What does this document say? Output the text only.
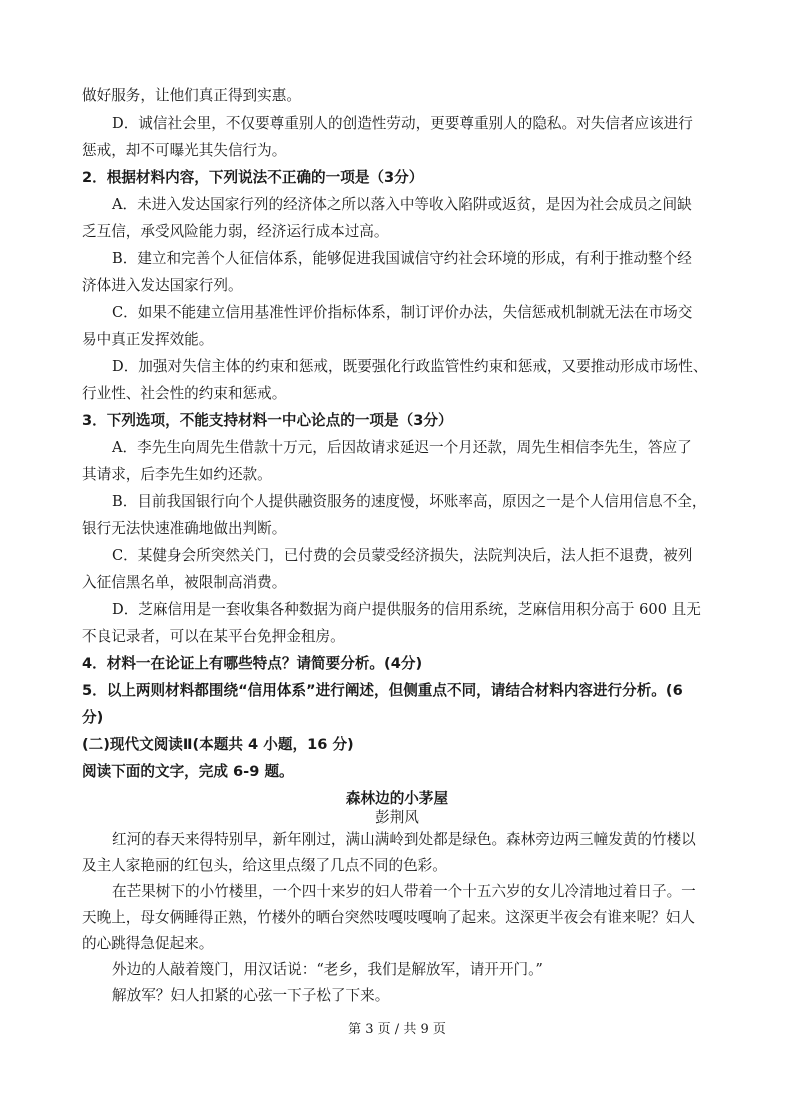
做好服务，让他们真正得到实惠。
D．诚信社会里，不仅要尊重别人的创造性劳动，更要尊重别人的隐私。对失信者应该进行
惩戒，却不可曝光其失信行为。
2．根据材料内容，下列说法不正确的一项是（3分）
A．未进入发达国家行列的经济体之所以落入中等收入陷阱或返贫，是因为社会成员之间缺
乏互信，承受风险能力弱，经济运行成本过高。
B．建立和完善个人征信体系，能够促进我国诚信守约社会环境的形成，有利于推动整个经
济体进入发达国家行列。
C．如果不能建立信用基准性评价指标体系，制订评价办法，失信惩戒机制就无法在市场交
易中真正发挥效能。
D．加强对失信主体的约束和惩戒，既要强化行政监管性约束和惩戒，又要推动形成市场性、
行业性、社会性的约束和惩戒。
3．下列选项，不能支持材料一中心论点的一项是（3分）
A．李先生向周先生借款十万元，后因故请求延迟一个月还款，周先生相信李先生，答应了
其请求，后李先生如约还款。
B．目前我国银行向个人提供融资服务的速度慢，坏账率高，原因之一是个人信用信息不全，
银行无法快速准确地做出判断。
C．某健身会所突然关门，已付费的会员蒙受经济损失，法院判决后，法人拒不退费，被列
入征信黑名单，被限制高消费。
D．芝麻信用是一套收集各种数据为商户提供服务的信用系统，芝麻信用积分高于 600 且无
不良记录者，可以在某平台免押金租房。
4．材料一在论证上有哪些特点？请简要分析。(4分)
5．以上两则材料都围绕“信用体系”进行阐述，但侧重点不同，请结合材料内容进行分析。(6
分)
(二)现代文阅读Ⅱ(本题共 4 小题，16 分)
阅读下面的文字，完成 6-9 题。
森林边的小茅屋
彭荆风
红河的春天来得特别早，新年刚过，满山满岭到处都是绿色。森林旁边两三幢发黄的竹楼以
及主人家艳丽的红包头，给这里点缀了几点不同的色彩。
在芒果树下的小竹楼里，一个四十来岁的妇人带着一个十五六岁的女儿冷清地过着日子。一
天晚上，母女俩睡得正熟，竹楼外的晒台突然吱嘎吱嘎响了起来。这深更半夜会有谁来呢？妇人
的心跳得急促起来。
外边的人敲着篾门，用汉话说：“老乡，我们是解放军，请开开门。”
解放军？妇人扣紧的心弦一下子松了下来。
第 3 页 / 共 9 页
